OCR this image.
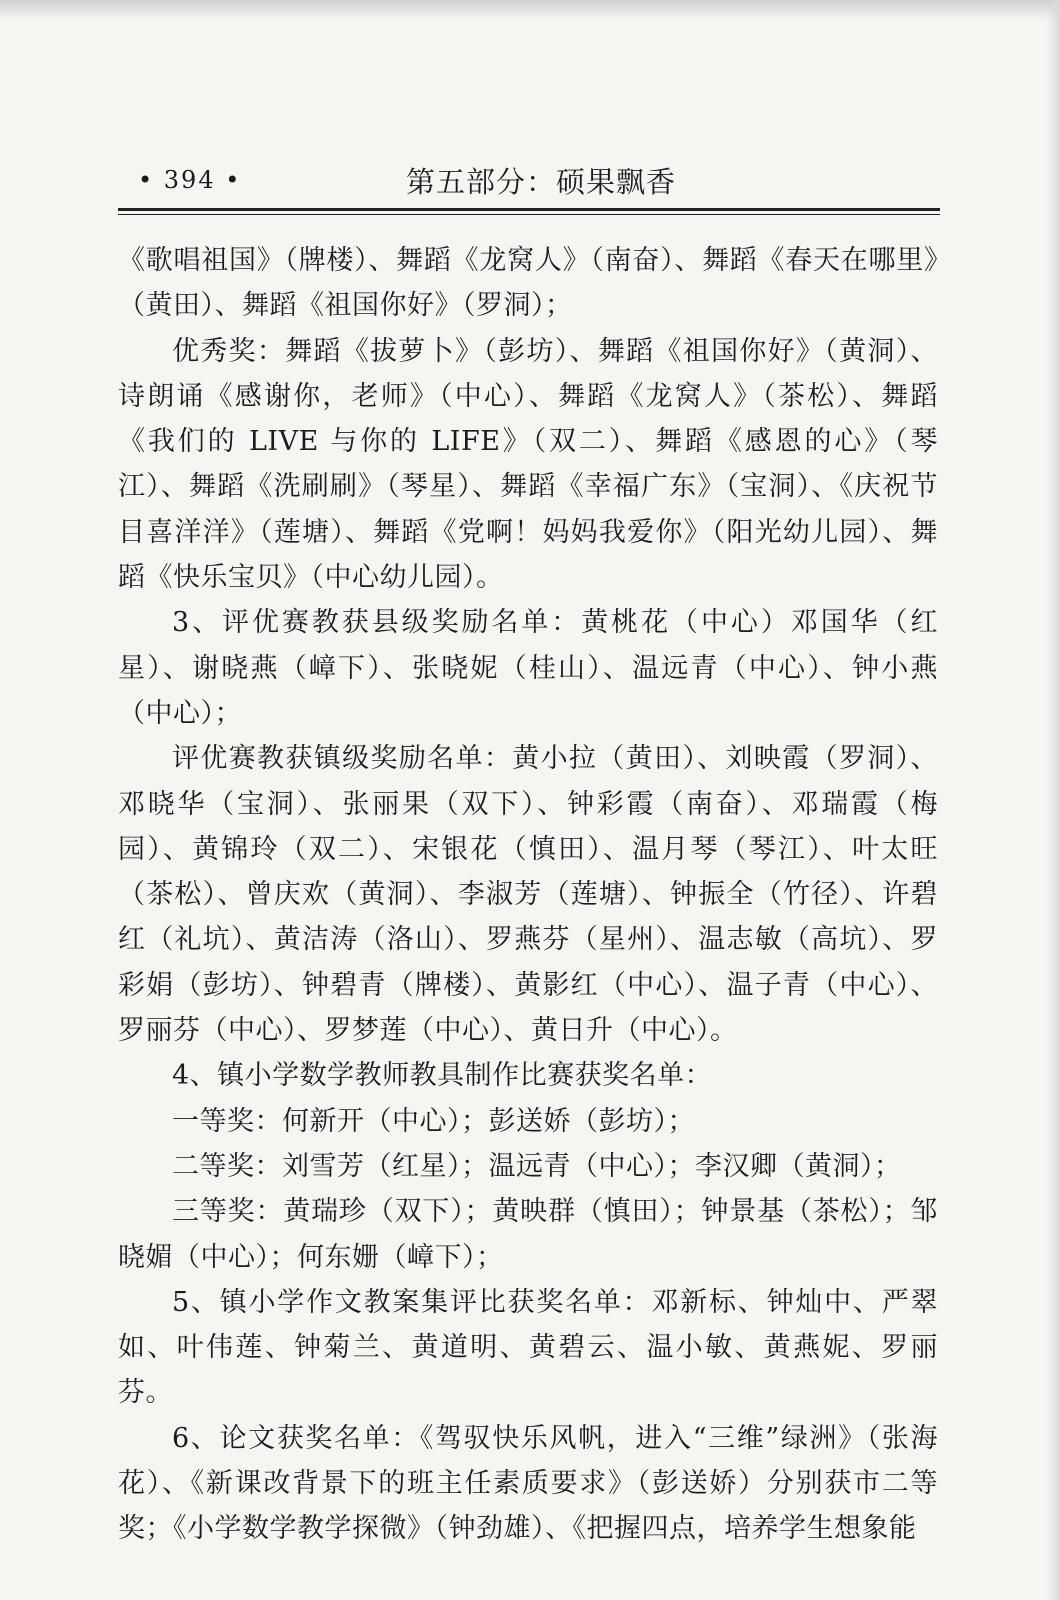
• 394 •	第五部分：硕果飘香

《歌唱祖国》（牌楼）、舞蹈《龙窝人》（南奋）、舞蹈《春天在哪里》（黄田）、舞蹈《祖国你好》（罗洞）；

优秀奖：舞蹈《拔萝卜》（彭坊）、舞蹈《祖国你好》（黄洞）、诗朗诵《感谢你，老师》（中心）、舞蹈《龙窝人》（茶松）、舞蹈《我们的 LIVE 与你的 LIFE》（双二）、舞蹈《感恩的心》（琴江）、舞蹈《洗刷刷》（琴星）、舞蹈《幸福广东》（宝洞）、《庆祝节目喜洋洋》（莲塘）、舞蹈《党啊！妈妈我爱你》（阳光幼儿园）、舞蹈《快乐宝贝》（中心幼儿园）。

3、评优赛教获县级奖励名单：黄桃花（中心）邓国华（红星）、谢晓燕（嶂下）、张晓妮（桂山）、温远青（中心）、钟小燕（中心）；

评优赛教获镇级奖励名单：黄小拉（黄田）、刘映霞（罗洞）、邓晓华（宝洞）、张丽果（双下）、钟彩霞（南奋）、邓瑞霞（梅园）、黄锦玲（双二）、宋银花（慎田）、温月琴（琴江）、叶太旺（茶松）、曾庆欢（黄洞）、李淑芳（莲塘）、钟振全（竹径）、许碧红（礼坑）、黄洁涛（洛山）、罗燕芬（星州）、温志敏（高坑）、罗彩娟（彭坊）、钟碧青（牌楼）、黄影红（中心）、温子青（中心）、罗丽芬（中心）、罗梦莲（中心）、黄日升（中心）。

4、镇小学数学教师教具制作比赛获奖名单：

一等奖：何新开（中心）；彭送娇（彭坊）；

二等奖：刘雪芳（红星）；温远青（中心）；李汉卿（黄洞）；

三等奖：黄瑞珍（双下）；黄映群（慎田）；钟景基（茶松）；邹晓媚（中心）；何东姗（嶂下）；

5、镇小学作文教案集评比获奖名单：邓新标、钟灿中、严翠如、叶伟莲、钟菊兰、黄道明、黄碧云、温小敏、黄燕妮、罗丽芬。

6、论文获奖名单：《驾驭快乐风帆，进入“三维”绿洲》（张海花）、《新课改背景下的班主任素质要求》（彭送娇）分别获市二等奖；《小学数学教学探微》（钟劲雄）、《把握四点，培养学生想象能
